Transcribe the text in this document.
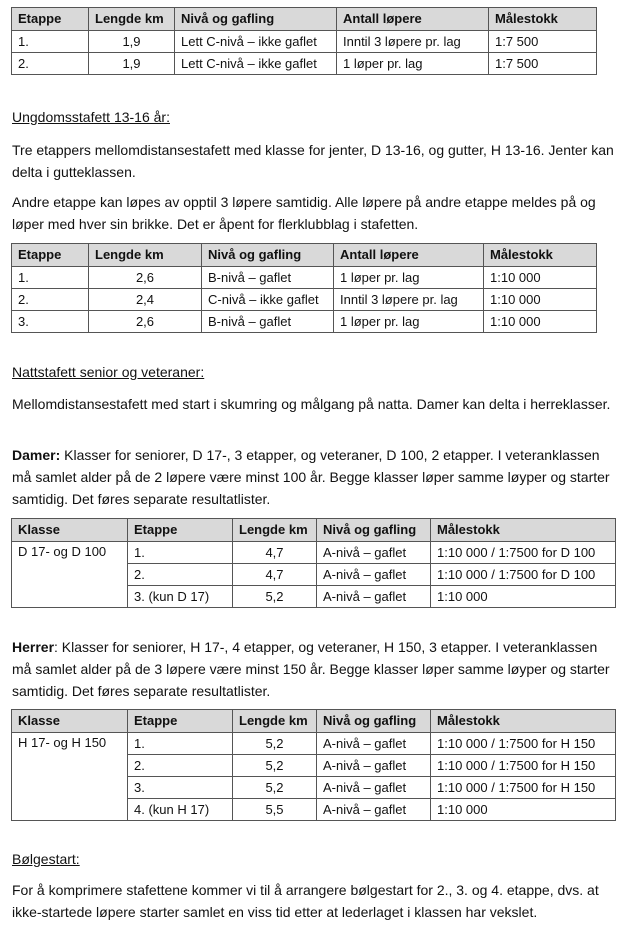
Etappe	Lengde km	Nivå og gafling	Antall løpere	Målestokk
1.	1,9	Lett C-nivå – ikke gaflet	Inntil 3 løpere pr. lag	1:7 500
2.	1,9	Lett C-nivå – ikke gaflet	1 løper pr. lag	1:7 500

Ungdomsstafett 13-16 år:

Tre etappers mellomdistansestafett med klasse for jenter, D 13-16, og gutter, H 13-16. Jenter kan delta i gutteklassen.

Andre etappe kan løpes av opptil 3 løpere samtidig. Alle løpere på andre etappe meldes på og løper med hver sin brikke. Det er åpent for flerklubblag i stafetten.

Etappe	Lengde km	Nivå og gafling	Antall løpere	Målestokk
1.	2,6	B-nivå – gaflet	1 løper pr. lag	1:10 000
2.	2,4	C-nivå – ikke gaflet	Inntil 3 løpere pr. lag	1:10 000
3.	2,6	B-nivå – gaflet	1 løper pr. lag	1:10 000

Nattstafett senior og veteraner:

Mellomdistansestafett med start i skumring og målgang på natta. Damer kan delta i herreklasser.

Damer: Klasser for seniorer, D 17-, 3 etapper, og veteraner, D 100, 2 etapper. I veteranklassen må samlet alder på de 2 løpere være minst 100 år. Begge klasser løper samme løyper og starter samtidig. Det føres separate resultatlister.

Klasse	Etappe	Lengde km	Nivå og gafling	Målestokk
D 17- og D 100	1.	4,7	A-nivå – gaflet	1:10 000 / 1:7500 for D 100
	2.	4,7	A-nivå – gaflet	1:10 000 / 1:7500 for D 100
	3. (kun D 17)	5,2	A-nivå – gaflet	1:10 000

Herrer: Klasser for seniorer, H 17-, 4 etapper, og veteraner, H 150, 3 etapper. I veteranklassen må samlet alder på de 3 løpere være minst 150 år. Begge klasser løper samme løyper og starter samtidig. Det føres separate resultatlister.

Klasse	Etappe	Lengde km	Nivå og gafling	Målestokk
H 17- og H 150	1.	5,2	A-nivå – gaflet	1:10 000 / 1:7500 for H 150
	2.	5,2	A-nivå – gaflet	1:10 000 / 1:7500 for H 150
	3.	5,2	A-nivå – gaflet	1:10 000 / 1:7500 for H 150
	4. (kun H 17)	5,5	A-nivå – gaflet	1:10 000

Bølgestart:

For å komprimere stafettene kommer vi til å arrangere bølgestart for 2., 3. og 4. etappe, dvs. at ikke-startede løpere starter samlet en viss tid etter at lederlaget i klassen har vekslet.
